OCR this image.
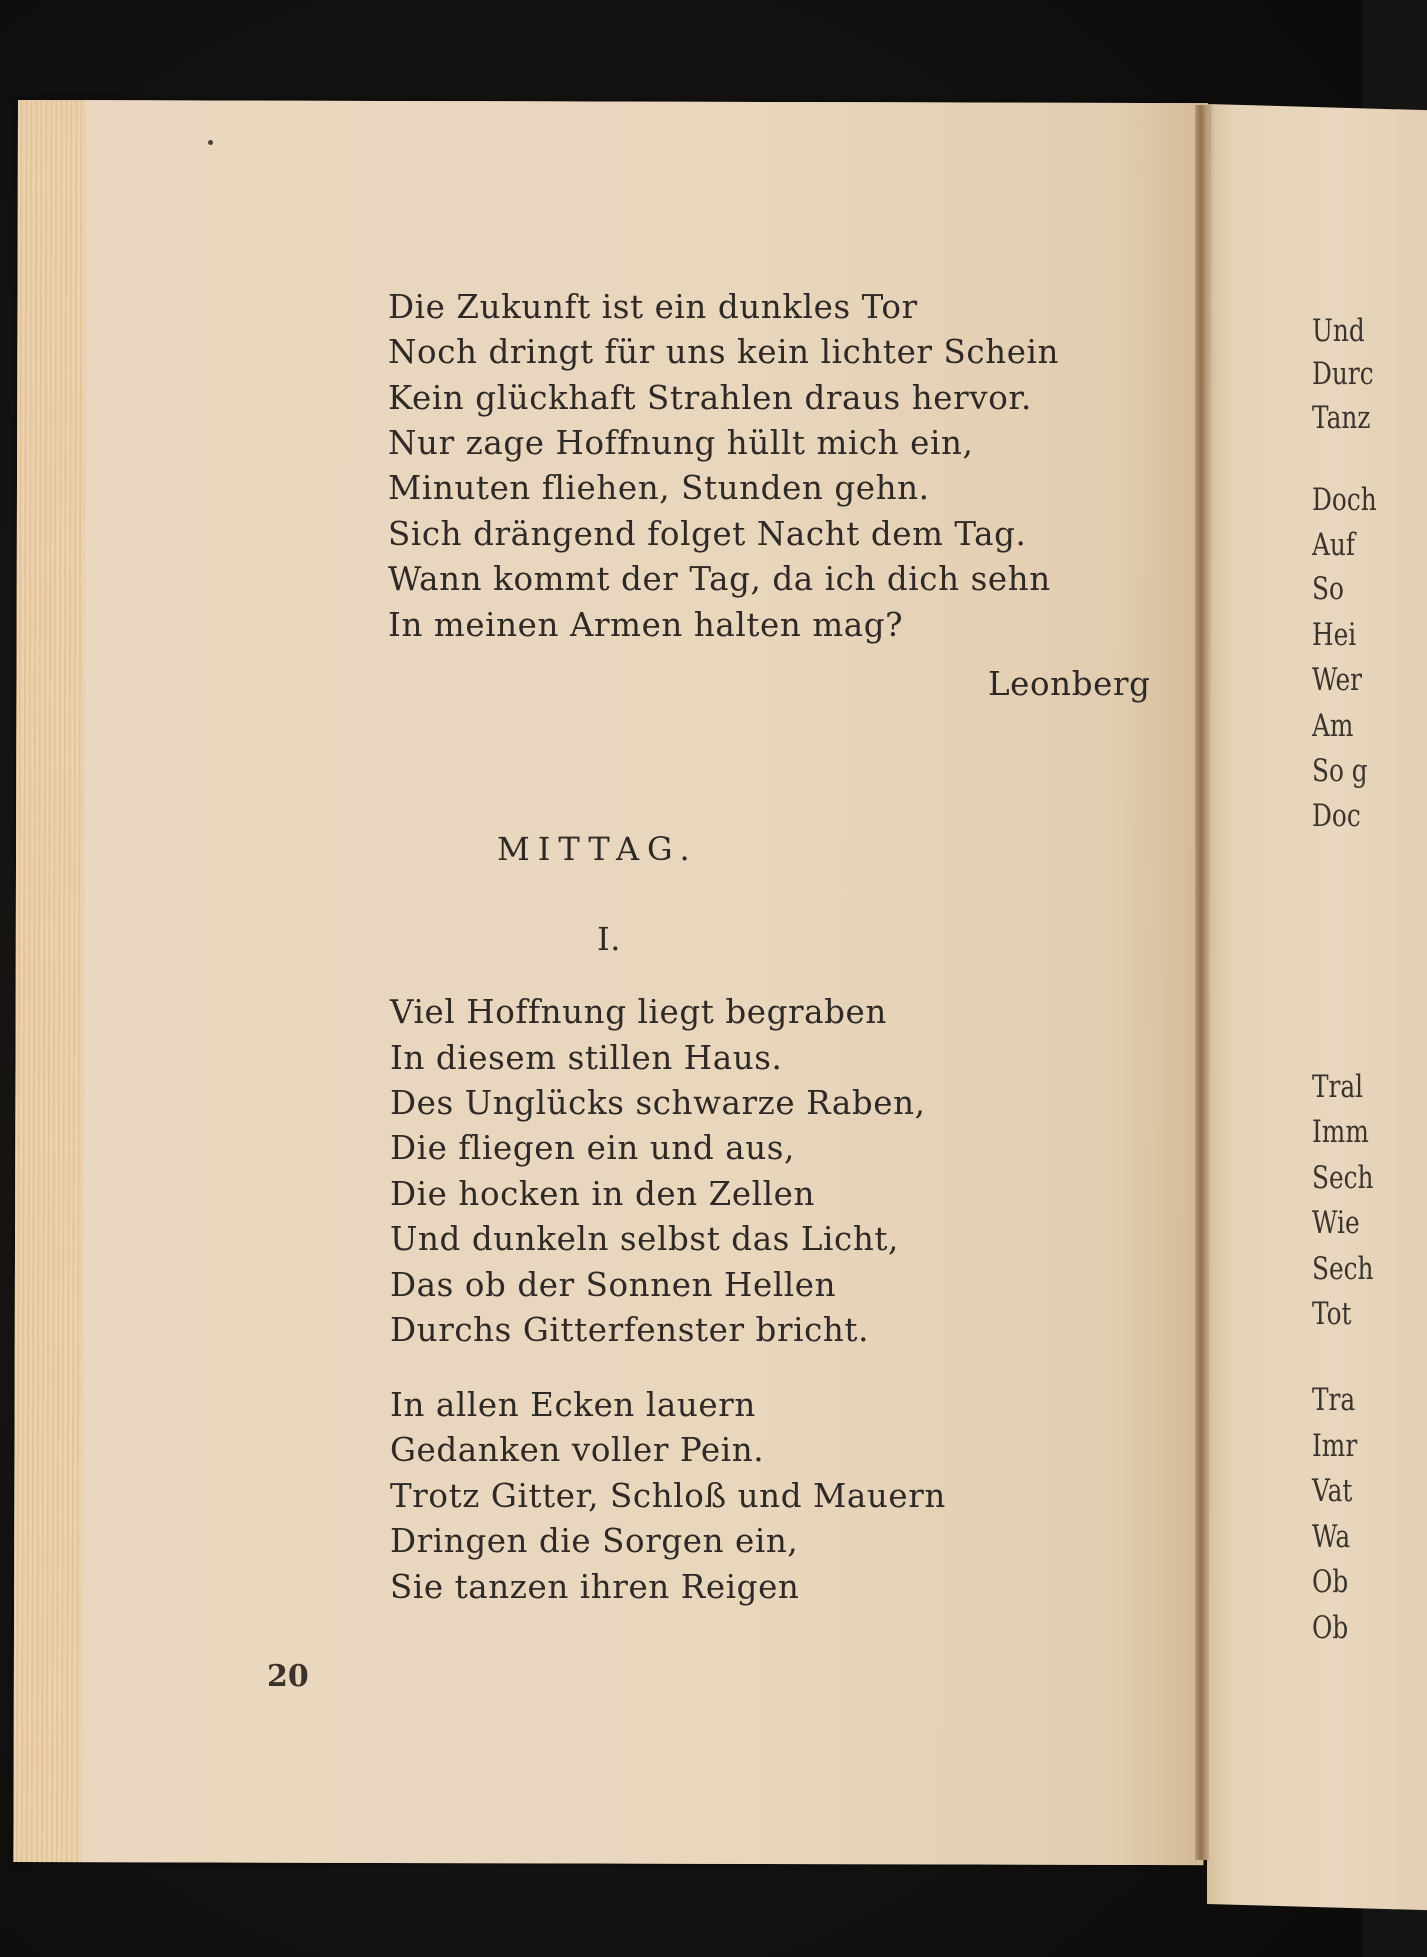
Und
Durc
Tanz
Doch
Auf
So
Hei
Wer
Am
So g
Doc
Tral
Imm
Sech
Wie
Sech
Tot
Tra
Imr
Vat
Wa
Ob
Ob
Die Zukunft ist ein dunkles Tor
Noch dringt für uns kein lichter Schein
Kein glückhaft Strahlen draus hervor.
Nur zage Hoffnung hüllt mich ein,
Minuten fliehen, Stunden gehn.
Sich drängend folget Nacht dem Tag.
Wann kommt der Tag, da ich dich sehn
In meinen Armen halten mag?
Leonberg
MITTAG.
I.
Viel Hoffnung liegt begraben
In diesem stillen Haus.
Des Unglücks schwarze Raben,
Die fliegen ein und aus,
Die hocken in den Zellen
Und dunkeln selbst das Licht,
Das ob der Sonnen Hellen
Durchs Gitterfenster bricht.
In allen Ecken lauern
Gedanken voller Pein.
Trotz Gitter, Schloß und Mauern
Dringen die Sorgen ein,
Sie tanzen ihren Reigen
20
